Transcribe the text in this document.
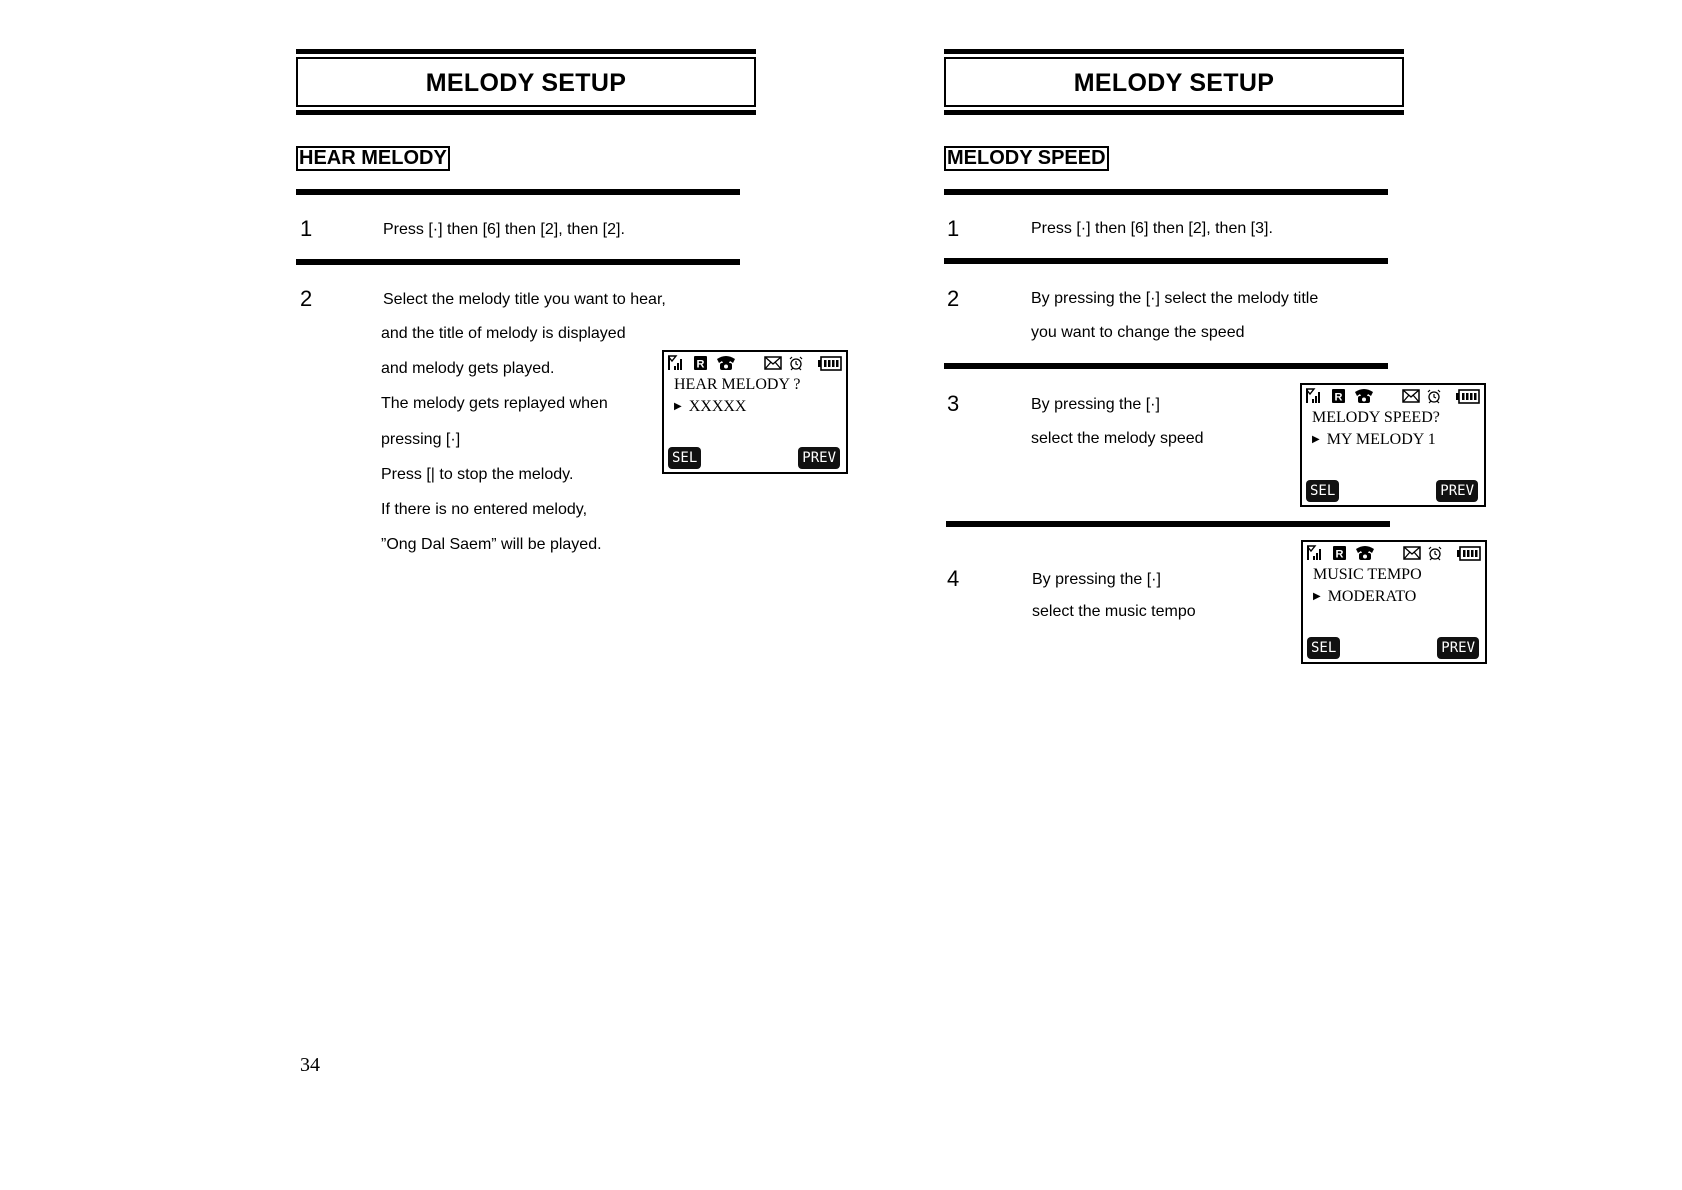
MELODY SETUP
HEAR MELODY
1	Press [·] then [6] then [2], then [2].
2	Select the melody title you want to hear,
and the title of melody is displayed
and melody gets played.
The melody gets replayed when
pressing [·]
Press [| to stop the melody.
If there is no entered melody,
”Ong Dal Saem” will be played.
R
HEAR MELODY ?
▶ XXXXX
SEL	PREV
34
MELODY SETUP
MELODY SPEED
1	Press [·] then [6] then [2], then [3].
2	By pressing the [·] select the melody title
you want to change the speed
3	By pressing the [·]
select the melody speed
R
MELODY SPEED?
▶ MY MELODY 1
SEL	PREV
4	By pressing the [·]
select the music tempo
R
MUSIC TEMPO
▶ MODERATO
SEL	PREV
